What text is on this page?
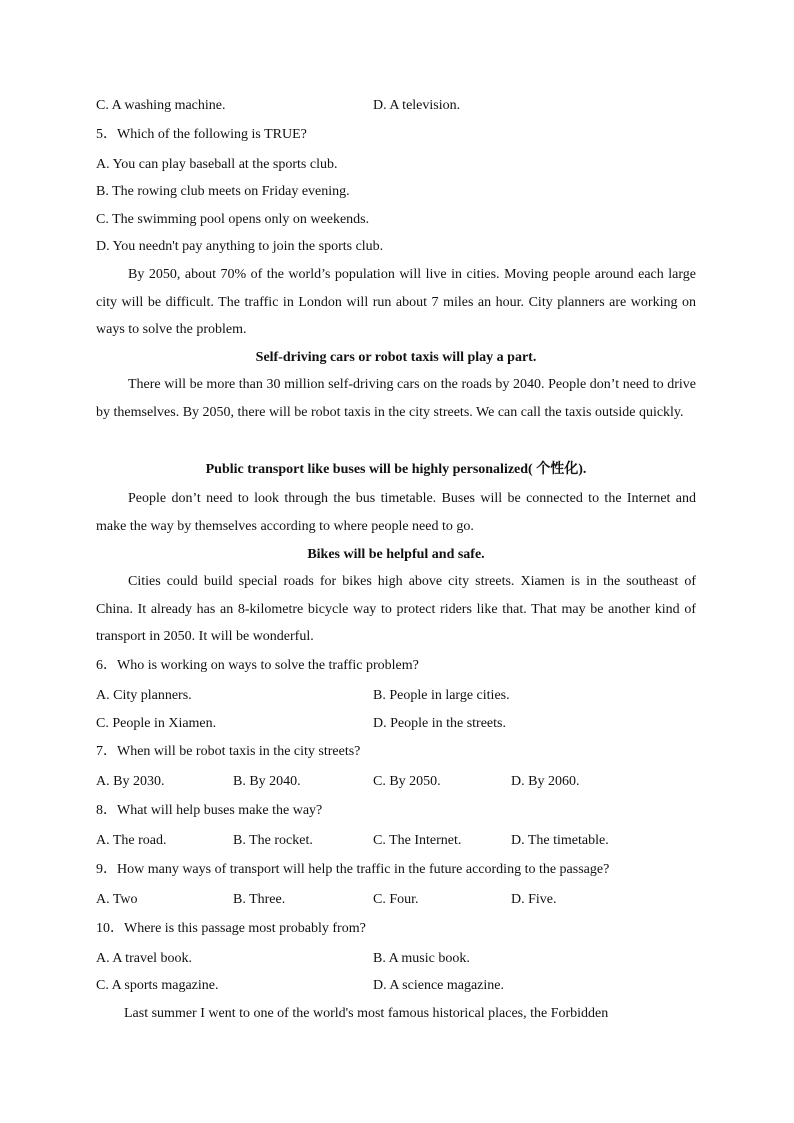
C. A washing machine.	D. A television.
5．Which of the following is TRUE?
A. You can play baseball at the sports club.
B. The rowing club meets on Friday evening.
C. The swimming pool opens only on weekends.
D. You needn't pay anything to join the sports club.
By 2050, about 70% of the world’s population will live in cities. Moving people around each large city will be difficult. The traffic in London will run about 7 miles an hour. City planners are working on ways to solve the problem.
Self-driving cars or robot taxis will play a part.
There will be more than 30 million self-driving cars on the roads by 2040. People don’t need to drive by themselves. By 2050, there will be robot taxis in the city streets. We can call the taxis outside quickly.
Public transport like buses will be highly personalized( 个性化).
People don’t need to look through the bus timetable. Buses will be connected to the Internet and make the way by themselves according to where people need to go.
Bikes will be helpful and safe.
Cities could build special roads for bikes high above city streets. Xiamen is in the southeast of China. It already has an 8-kilometre bicycle way to protect riders like that. That may be another kind of transport in 2050. It will be wonderful.
6．Who is working on ways to solve the traffic problem?
A. City planners.	B. People in large cities.
C. People in Xiamen.	D. People in the streets.
7．When will be robot taxis in the city streets?
A. By 2030.	B. By 2040.	C. By 2050.	D. By 2060.
8．What will help buses make the way?
A. The road.	B. The rocket.	C. The Internet.	D. The timetable.
9．How many ways of transport will help the traffic in the future according to the passage?
A. Two	B. Three.	C. Four.	D. Five.
10．Where is this passage most probably from?
A. A travel book.	B. A music book.
C. A sports magazine.	D. A science magazine.
Last summer I went to one of the world's most famous historical places, the Forbidden
